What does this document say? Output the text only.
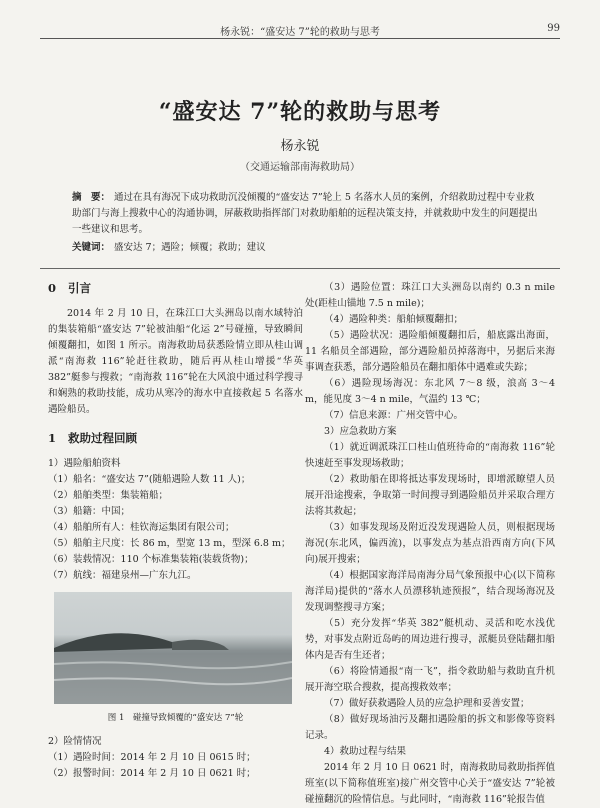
杨永锐：“盛安达 7”轮的救助与思考	99
“盛安达 7”轮的救助与思考
杨永锐
（交通运输部南海救助局）
摘　要： 通过在具有海况下成功救助沉没倾覆的“盛安达 7”轮上 5 名落水人员的案例，介绍救助过程中专业救助部门与海上搜救中心的沟通协调，屏蔽救助指挥部门对救助船舶的远程决策支持，并就救助中发生的问题提出一些建议和思考。
关键词： 盛安达 7；遇险；倾覆；救助；建议
0 引言

2014 年 2 月 10 日，在珠江口大头洲岛以南水域特泊的集装箱船“盛安达 7”轮被油船“化运 2”号碰撞，导致瞬间倾覆翻扣，如图 1 所示。南海救助局获悉险情立即从桂山调派“南海救 116”轮赶往救助，随后再从桂山增援“华英 382”艇参与搜救；“南海救 116”轮在大风浪中通过科学搜寻和娴熟的救助技能，成功从寒冷的海水中直接救起 5 名落水遇险船员。

1 救助过程回顾

1）遇险船舶资料

（1）船名：“盛安达 7”(随船遇险人数 11 人)；

（2）船舶类型：集装箱船；

（3）船籍：中国；

（4）船舶所有人：桂钦海运集团有限公司；

（5）船舶主尺度：长 86 m，型宽 13 m，型深 6.8 m；

（6）装载情况：110 个标准集装箱(装载货物)；

（7）航线：福建泉州—广东九江。

图 1　碰撞导致倾覆的“盛安达 7”轮

2）险情情况

（1）遇险时间：2014 年 2 月 10 日 0615 时；

（2）报警时间：2014 年 2 月 10 日 0621 时；

（3）遇险位置：珠江口大头洲岛以南约 0.3 n mile 处(距桂山锚地 7.5 n mile)；

（4）遇险种类：船舶倾覆翻扣；

（5）遇险状况：遇险船倾覆翻扣后，船底露出海面，11 名船员全部遇险，部分遇险船员掉落海中，另据后来海事调查获悉，部分遇险船员在翻扣船体中遇难或失踪；

（6）遇险现场海况：东北风 7～8 级，浪高 3～4 m，能见度 3～4 n mile，气温约 13 ℃；

（7）信息来源：广州交管中心。

3）应急救助方案

（1）就近调派珠江口桂山值班待命的“南海救 116”轮快速赶至事发现场救助；

（2）救助船在即将抵达事发现场时，即增派瞭望人员展开沿途搜索，争取第一时间搜寻到遇险船员并采取合理方法将其救起；

（3）如事发现场及附近没发现遇险人员，则根据现场海况(东北风，偏西流)，以事发点为基点沿西南方向(下风向)展开搜索；

（4）根据国家海洋局南海分局气象预报中心(以下简称海洋局)提供的“落水人员漂移轨迹预报”，结合现场海况及发现调整搜寻方案；

（5）充分发挥“华英 382”艇机动、灵活和吃水浅优势，对事发点附近岛屿的周边进行搜寻，派艇员登陆翻扣船体内是否有生还者；

（6）将险情通报“南一飞”，指令救助船与救助直升机展开海空联合搜救，提高搜救效率；

（7）做好获救遇险人员的应急护理和妥善安置；

（8）做好现场油污及翻扣遇险船的拆文和影像等资料记录。

4）救助过程与结果

2014 年 2 月 10 日 0621 时，南海救助局救助指挥值班室(以下简称值班室)接广州交管中心关于“盛安达 7”轮被碰撞翻沉的险情信息。与此同时，“南海救 116”轮报告值
